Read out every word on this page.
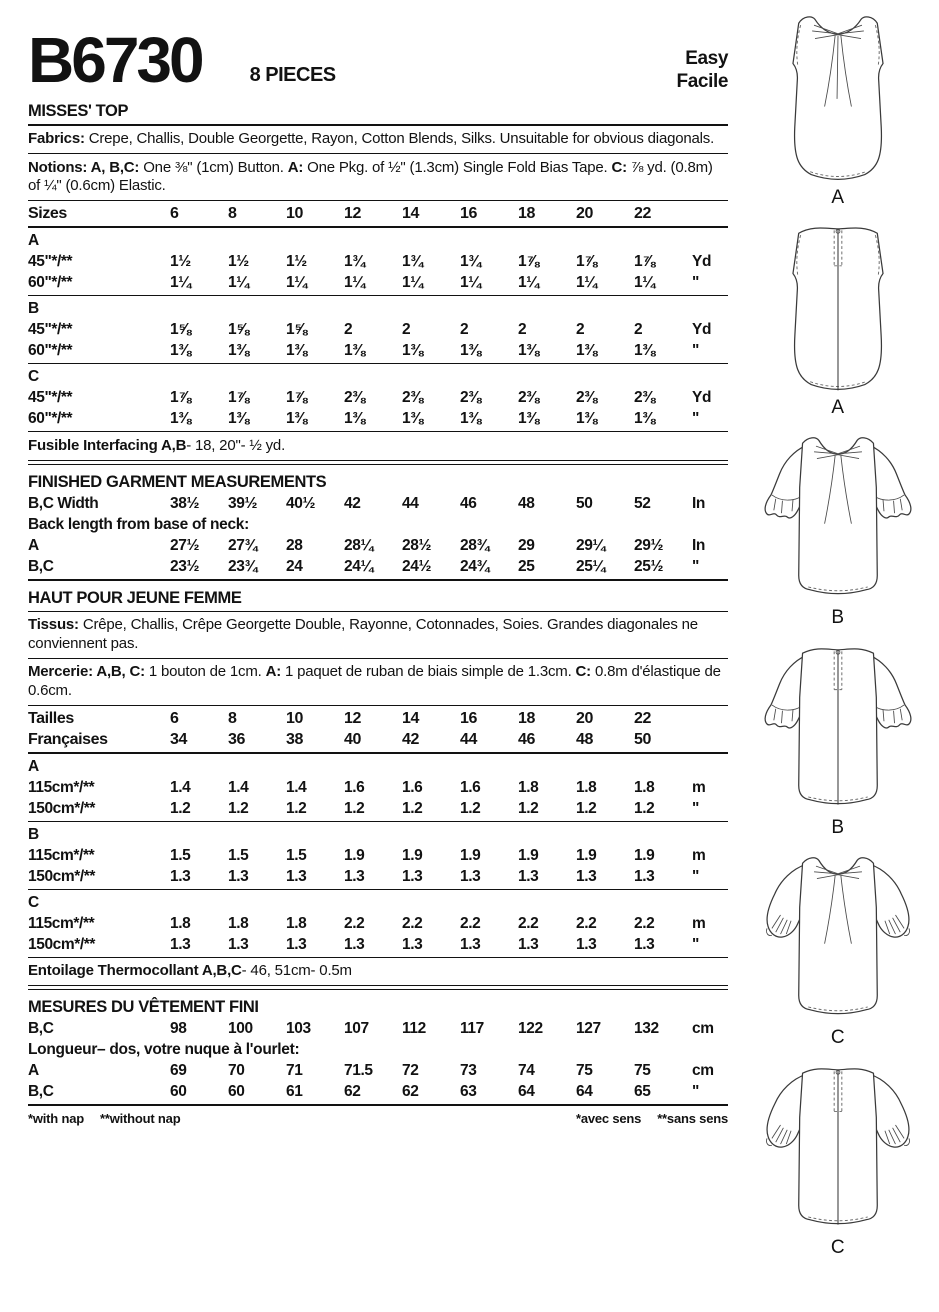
B6730 8 PIECES
Easy
Facile
MISSES' TOP
Fabrics: Crepe, Challis, Double Georgette, Rayon, Cotton Blends, Silks. Unsuitable for obvious diagonals.
Notions: A, B,C: One ⅜" (1cm) Button. A: One Pkg. of ½" (1.3cm) Single Fold Bias Tape. C: ⅞ yd. (0.8m) of ¼" (0.6cm) Elastic.
Sizes	6	8	10	12	14	16	18	20	22
A
45"*/**	1½	1½	1½	1¾	1¾	1¾	1⅞	1⅞	1⅞	Yd
60"*/**	1¼	1¼	1¼	1¼	1¼	1¼	1¼	1¼	1¼	"
B
45"*/**	1⅝	1⅝	1⅝	2	2	2	2	2	2	Yd
60"*/**	1⅜	1⅜	1⅜	1⅜	1⅜	1⅜	1⅜	1⅜	1⅜	"
C
45"*/**	1⅞	1⅞	1⅞	2⅜	2⅜	2⅜	2⅜	2⅜	2⅜	Yd
60"*/**	1⅜	1⅜	1⅜	1⅜	1⅜	1⅜	1⅜	1⅜	1⅜	"
Fusible Interfacing A,B- 18, 20"- ½ yd.
FINISHED GARMENT MEASUREMENTS
B,C Width	38½	39½	40½	42	44	46	48	50	52	In
Back length from base of neck:
A	27½	27¾	28	28¼	28½	28¾	29	29¼	29½	In
B,C	23½	23¾	24	24¼	24½	24¾	25	25¼	25½	"
HAUT POUR JEUNE FEMME
Tissus: Crêpe, Challis, Crêpe Georgette Double, Rayonne, Cotonnades, Soies. Grandes diagonales ne conviennent pas.
Mercerie: A,B, C: 1 bouton de 1cm. A: 1 paquet de ruban de biais simple de 1.3cm. C: 0.8m d'élastique de 0.6cm.
Tailles	6	8	10	12	14	16	18	20	22
Françaises	34	36	38	40	42	44	46	48	50
A
115cm*/**	1.4	1.4	1.4	1.6	1.6	1.6	1.8	1.8	1.8	m
150cm*/**	1.2	1.2	1.2	1.2	1.2	1.2	1.2	1.2	1.2	"
B
115cm*/**	1.5	1.5	1.5	1.9	1.9	1.9	1.9	1.9	1.9	m
150cm*/**	1.3	1.3	1.3	1.3	1.3	1.3	1.3	1.3	1.3	"
C
115cm*/**	1.8	1.8	1.8	2.2	2.2	2.2	2.2	2.2	2.2	m
150cm*/**	1.3	1.3	1.3	1.3	1.3	1.3	1.3	1.3	1.3	"
Entoilage Thermocollant A,B,C- 46, 51cm- 0.5m
MESURES DU VÊTEMENT FINI
B,C	98	100	103	107	112	117	122	127	132	cm
Longueur– dos, votre nuque à l'ourlet:
A	69	70	71	71.5	72	73	74	75	75	cm
B,C	60	60	61	62	62	63	64	64	65	"
*with nap **without nap	*avec sens **sans sens
A
A
B
B
C
C
